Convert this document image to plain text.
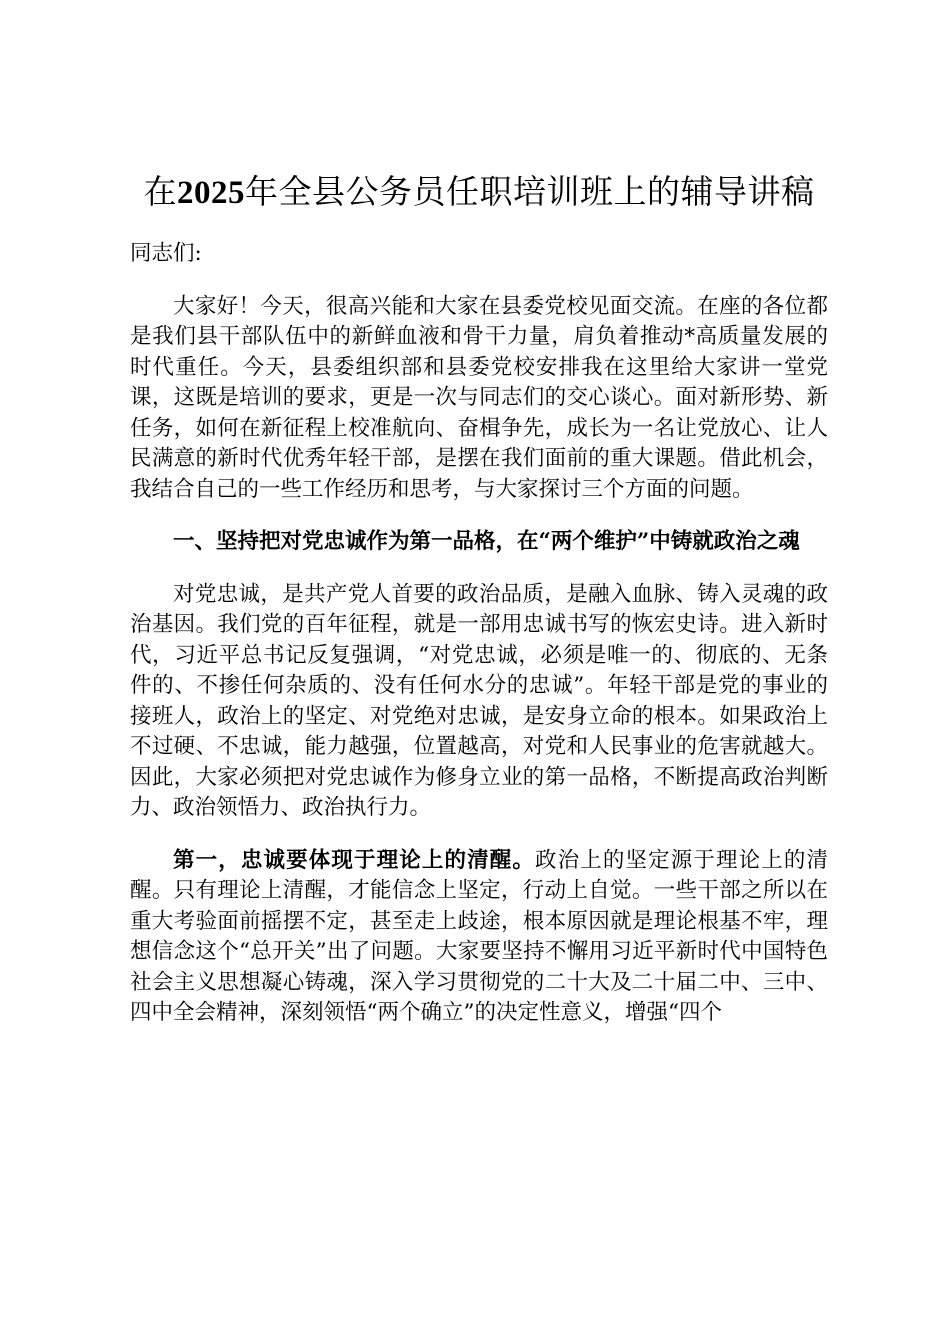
在2025年全县公务员任职培训班上的辅导讲稿

同志们:

大家好！今天，很高兴能和大家在县委党校见面交流。在座的各位都是我们县干部队伍中的新鲜血液和骨干力量，肩负着推动*高质量发展的时代重任。今天，县委组织部和县委党校安排我在这里给大家讲一堂党课，这既是培训的要求，更是一次与同志们的交心谈心。面对新形势、新任务，如何在新征程上校准航向、奋楫争先，成长为一名让党放心、让人民满意的新时代优秀年轻干部，是摆在我们面前的重大课题。借此机会，我结合自己的一些工作经历和思考，与大家探讨三个方面的问题。

一、坚持把对党忠诚作为第一品格，在“两个维护”中铸就政治之魂

对党忠诚，是共产党人首要的政治品质，是融入血脉、铸入灵魂的政治基因。我们党的百年征程，就是一部用忠诚书写的恢宏史诗。进入新时代，习近平总书记反复强调，“对党忠诚，必须是唯一的、彻底的、无条件的、不掺任何杂质的、没有任何水分的忠诚”。年轻干部是党的事业的接班人，政治上的坚定、对党绝对忠诚，是安身立命的根本。如果政治上不过硬、不忠诚，能力越强，位置越高，对党和人民事业的危害就越大。因此，大家必须把对党忠诚作为修身立业的第一品格，不断提高政治判断力、政治领悟力、政治执行力。

第一，忠诚要体现于理论上的清醒。政治上的坚定源于理论上的清醒。只有理论上清醒，才能信念上坚定，行动上自觉。一些干部之所以在重大考验面前摇摆不定，甚至走上歧途，根本原因就是理论根基不牢，理想信念这个“总开关”出了问题。大家要坚持不懈用习近平新时代中国特色社会主义思想凝心铸魂，深入学习贯彻党的二十大及二十届二中、三中、四中全会精神，深刻领悟“两个确立”的决定性意义，增强“四个
